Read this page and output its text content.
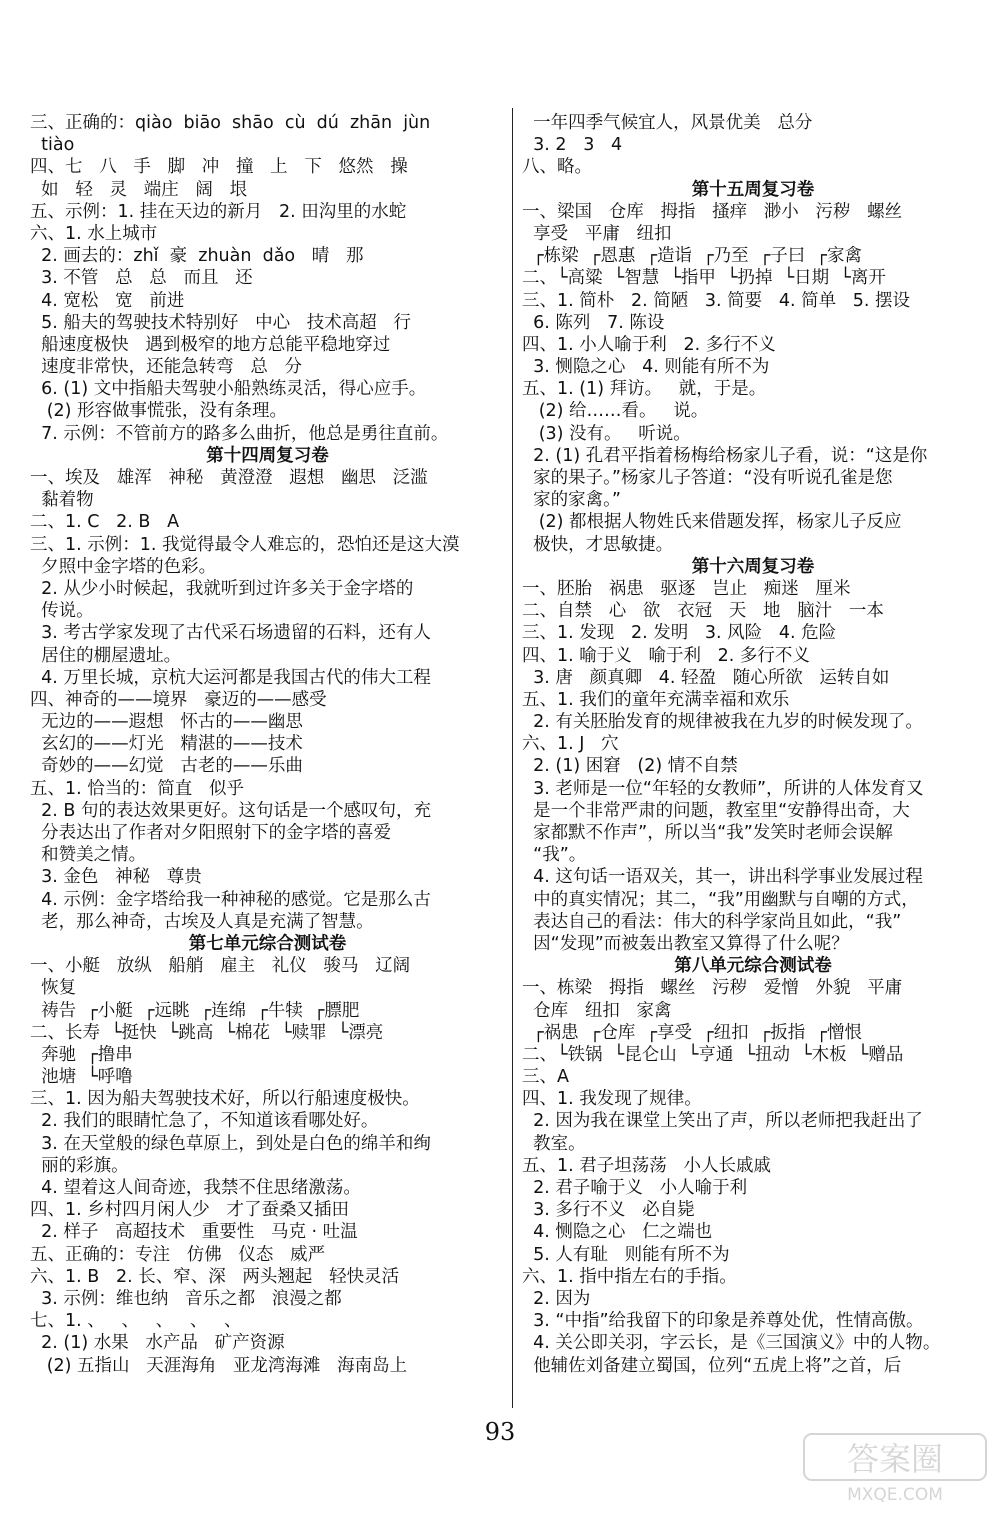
三、正确的：qiào  biāo  shāo  cù  dú  zhān  jùn
tiào
四、七   八   手   脚   冲   撞   上   下   悠然   操
如   轻   灵   端庄   阔   垠
五、示例：1. 挂在天边的新月   2. 田沟里的水蛇
六、1. 水上城市
2. 画去的：zhǐ  豪  zhuàn  dǎo   晴   那
3. 不管   总   总   而且   还
4. 宽松   宽   前进
5. 船夫的驾驶技术特别好   中心   技术高超   行
船速度极快   遇到极窄的地方总能平稳地穿过
速度非常快，还能急转弯   总   分
6. (1) 文中指船夫驾驶小船熟练灵活，得心应手。
(2) 形容做事慌张，没有条理。
7. 示例：不管前方的路多么曲折，他总是勇往直前。
第十四周复习卷
一、埃及   雄浑   神秘   黄澄澄   遐想   幽思   泛滥
黏着物
二、1. C   2. B   A
三、1. 示例：1. 我觉得最令人难忘的，恐怕还是这大漠
夕照中金字塔的色彩。
2. 从少小时候起，我就听到过许多关于金字塔的
传说。
3. 考古学家发现了古代采石场遗留的石料，还有人
居住的棚屋遗址。
4. 万里长城，京杭大运河都是我国古代的伟大工程
四、神奇的——境界   豪迈的——感受
无边的——遐想   怀古的——幽思
玄幻的——灯光   精湛的——技术
奇妙的——幻觉   古老的——乐曲
五、1. 恰当的：简直   似乎
2. B 句的表达效果更好。这句话是一个感叹句，充
分表达出了作者对夕阳照射下的金字塔的喜爱
和赞美之情。
3. 金色   神秘   尊贵
4. 示例：金字塔给我一种神秘的感觉。它是那么古
老，那么神奇，古埃及人真是充满了智慧。
第七单元综合测试卷
一、小艇   放纵   船艄   雇主   礼仪   骏马   辽阔
恢复
祷告  ┌小艇  ┌远眺  ┌连绵  ┌牛犊  ┌膘肥
二、长寿  └挺快  └跳高  └棉花  └赎罪  └漂亮
奔驰  ┌撸串
池塘  └呼噜
三、1. 因为船夫驾驶技术好，所以行船速度极快。
2. 我们的眼睛忙急了，不知道该看哪处好。
3. 在天堂般的绿色草原上，到处是白色的绵羊和绚
丽的彩旗。
4. 望着这人间奇迹，我禁不住思绪激荡。
四、1. 乡村四月闲人少   才了蚕桑又插田
2. 样子   高超技术   重要性   马克 · 吐温
五、正确的：专注   仿佛   仪态   威严
六、1. B   2. 长、窄、深   两头翘起   轻快灵活
3. 示例：维也纳   音乐之都   浪漫之都
七、1. 、   、   、   、   、
2. (1) 水果   水产品   矿产资源
(2) 五指山   天涯海角   亚龙湾海滩   海南岛上
一年四季气候宜人，风景优美   总分
3. 2   3   4
八、略。
第十五周复习卷
一、梁国   仓库   拇指   搔痒   渺小   污秽   螺丝
享受   平庸   纽扣
┌栋梁  ┌恩惠  ┌造诣  ┌乃至  ┌子曰  ┌家禽
二、└高粱  └智慧  └指甲  └扔掉  └日期  └离开
三、1. 简朴   2. 简陋   3. 简要   4. 简单   5. 摆设
6. 陈列   7. 陈设
四、1. 小人喻于利   2. 多行不义
3. 恻隐之心   4. 则能有所不为
五、1. (1) 拜访。   就，于是。
(2) 给……看。   说。
(3) 没有。   听说。
2. (1) 孔君平指着杨梅给杨家儿子看，说：“这是你
家的果子。”杨家儿子答道：“没有听说孔雀是您
家的家禽。”
(2) 都根据人物姓氏来借题发挥，杨家儿子反应
极快，才思敏捷。
第十六周复习卷
一、胚胎   祸患   驱逐   岂止   痴迷   厘米
二、自禁   心   欲   衣冠   天   地   脑汁   一本
三、1. 发现   2. 发明   3. 风险   4. 危险
四、1. 喻于义   喻于利   2. 多行不义
3. 唐   颜真卿   4. 轻盈   随心所欲   运转自如
五、1. 我们的童年充满幸福和欢乐
2. 有关胚胎发育的规律被我在九岁的时候发现了。
六、1. J   穴
2. (1) 困窘   (2) 情不自禁
3. 老师是一位“年轻的女教师”，所讲的人体发育又
是一个非常严肃的问题，教室里“安静得出奇，大
家都默不作声”，所以当“我”发笑时老师会误解
“我”。
4. 这句话一语双关，其一，讲出科学事业发展过程
中的真实情况；其二，“我”用幽默与自嘲的方式，
表达自己的看法：伟大的科学家尚且如此，“我”
因“发现”而被轰出教室又算得了什么呢？
第八单元综合测试卷
一、栋梁   拇指   螺丝   污秽   爱憎   外貌   平庸
仓库   纽扣   家禽
┌祸患  ┌仓库  ┌享受  ┌纽扣  ┌扳指  ┌憎恨
二、└铁锅  └昆仑山  └亨通  └扭动  └木板  └赠品
三、A
四、1. 我发现了规律。
2. 因为我在课堂上笑出了声，所以老师把我赶出了
教室。
五、1. 君子坦荡荡   小人长戚戚
2. 君子喻于义   小人喻于利
3. 多行不义   必自毙
4. 恻隐之心   仁之端也
5. 人有耻   则能有所不为
六、1. 指中指左右的手指。
2. 因为
3. “中指”给我留下的印象是养尊处优，性情高傲。
4. 关公即关羽，字云长，是《三国演义》中的人物。
他辅佐刘备建立蜀国，位列“五虎上将”之首，后
93
答案圈
MXQE.COM
